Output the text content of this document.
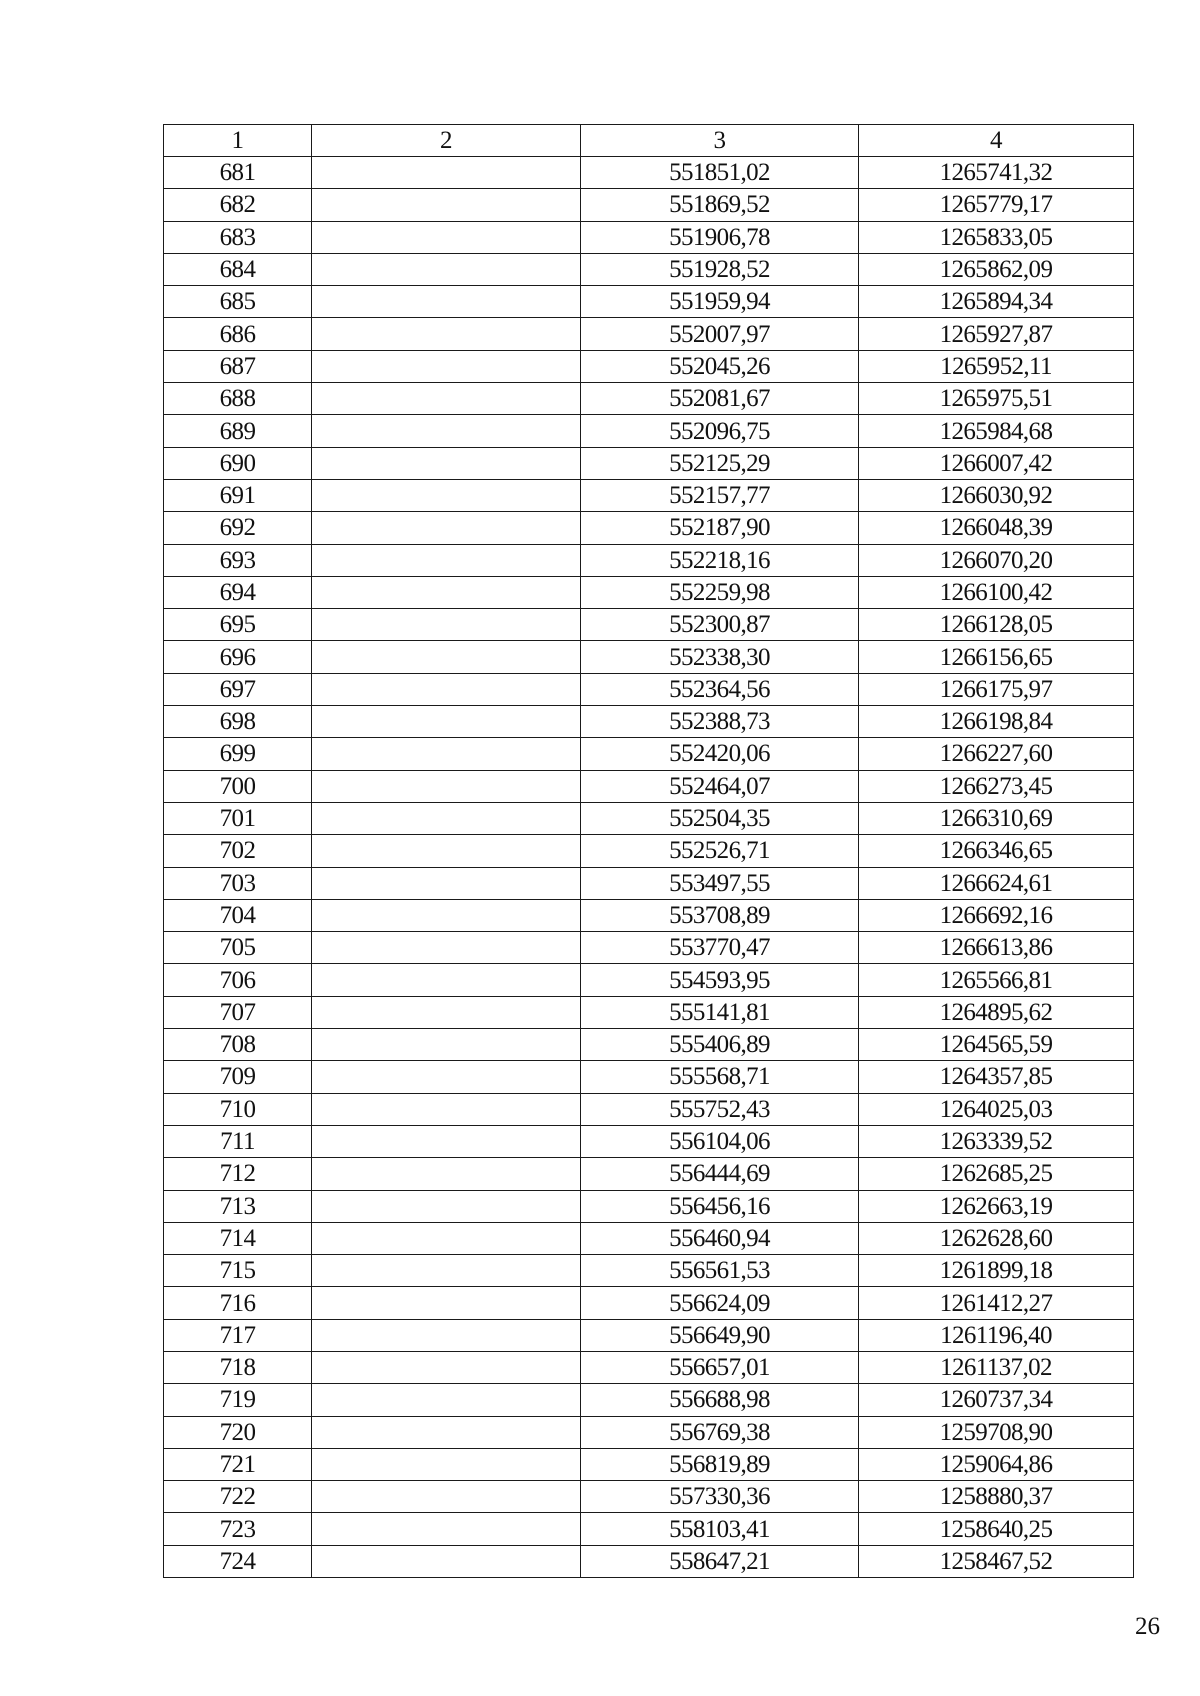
1	2	3	4
681		551851,02	1265741,32
682		551869,52	1265779,17
683		551906,78	1265833,05
684		551928,52	1265862,09
685		551959,94	1265894,34
686		552007,97	1265927,87
687		552045,26	1265952,11
688		552081,67	1265975,51
689		552096,75	1265984,68
690		552125,29	1266007,42
691		552157,77	1266030,92
692		552187,90	1266048,39
693		552218,16	1266070,20
694		552259,98	1266100,42
695		552300,87	1266128,05
696		552338,30	1266156,65
697		552364,56	1266175,97
698		552388,73	1266198,84
699		552420,06	1266227,60
700		552464,07	1266273,45
701		552504,35	1266310,69
702		552526,71	1266346,65
703		553497,55	1266624,61
704		553708,89	1266692,16
705		553770,47	1266613,86
706		554593,95	1265566,81
707		555141,81	1264895,62
708		555406,89	1264565,59
709		555568,71	1264357,85
710		555752,43	1264025,03
711		556104,06	1263339,52
712		556444,69	1262685,25
713		556456,16	1262663,19
714		556460,94	1262628,60
715		556561,53	1261899,18
716		556624,09	1261412,27
717		556649,90	1261196,40
718		556657,01	1261137,02
719		556688,98	1260737,34
720		556769,38	1259708,90
721		556819,89	1259064,86
722		557330,36	1258880,37
723		558103,41	1258640,25
724		558647,21	1258467,52
26
